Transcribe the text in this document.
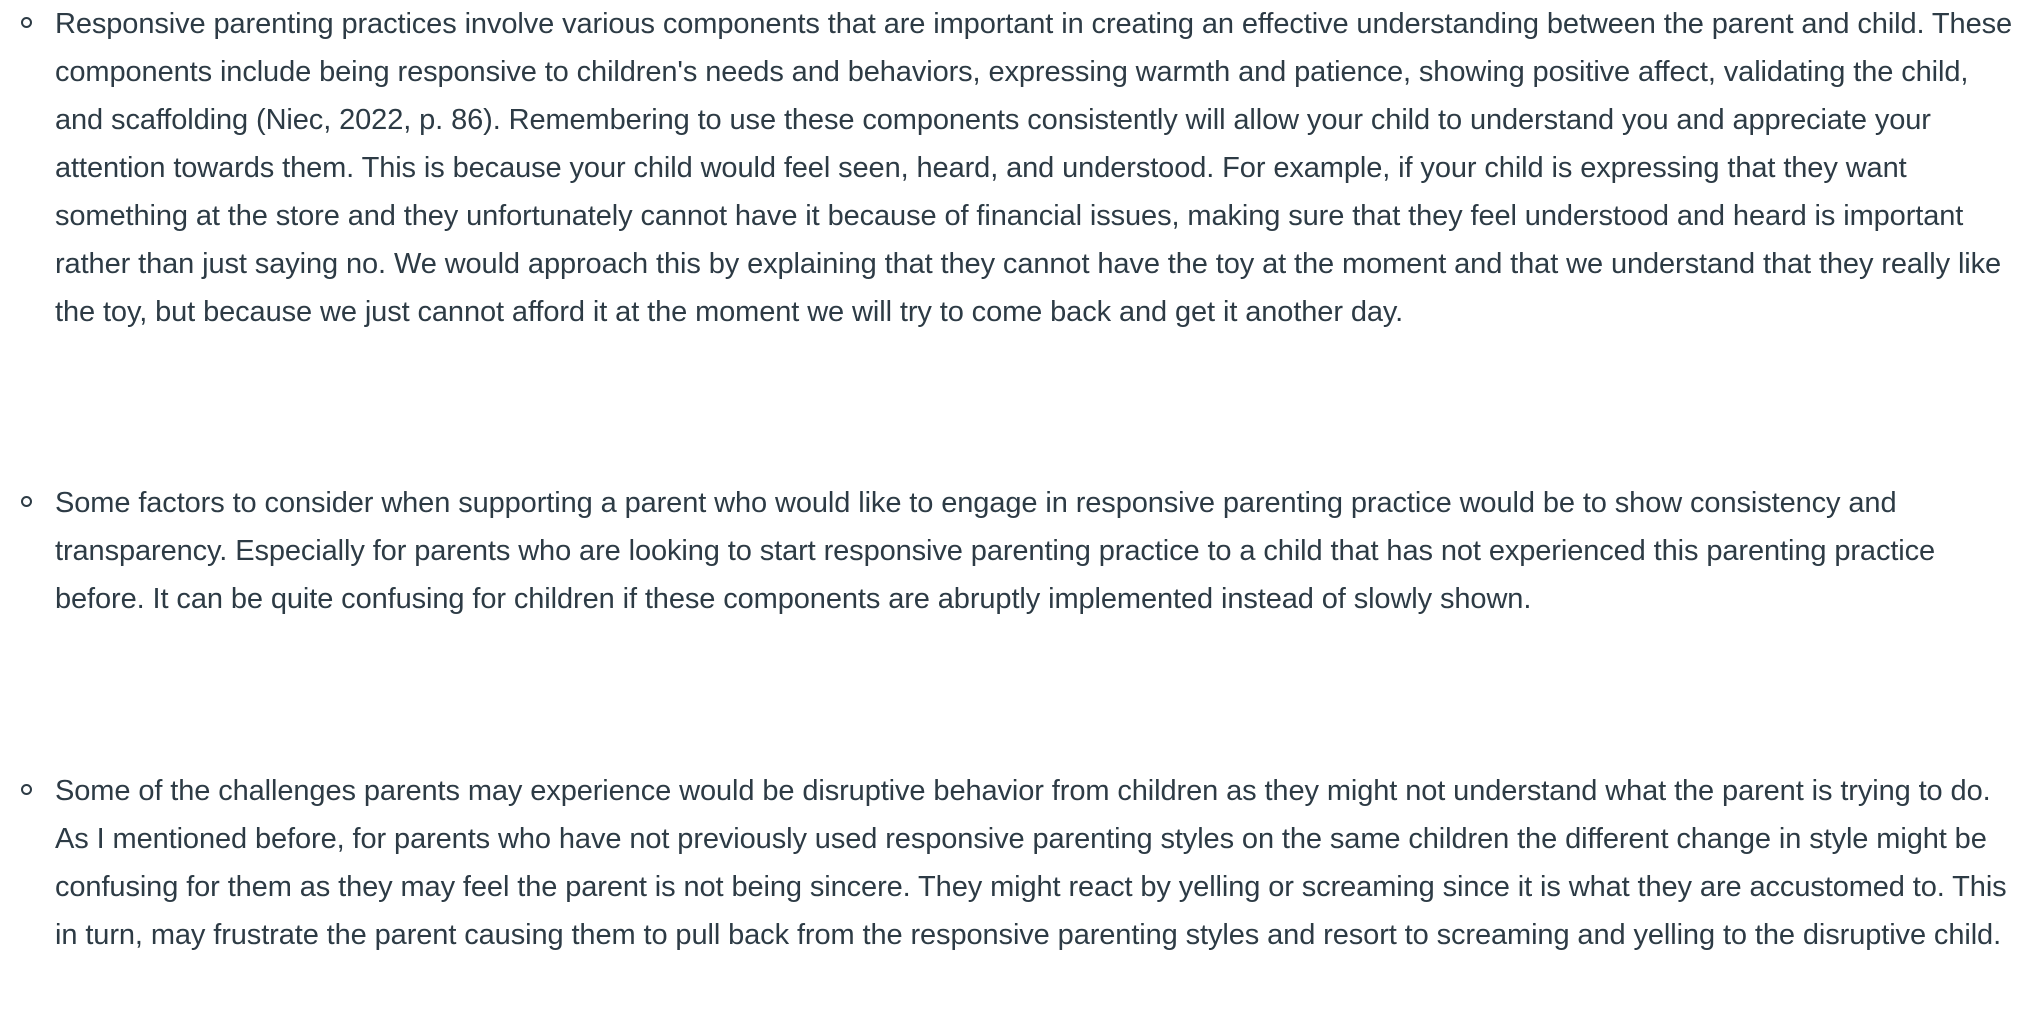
Responsive parenting practices involve various components that are important in creating an effective understanding between the parent and child. These components include being responsive to children's needs and behaviors, expressing warmth and patience, showing positive affect, validating the child, and scaffolding (Niec, 2022, p. 86). Remembering to use these components consistently will allow your child to understand you and appreciate your attention towards them. This is because your child would feel seen, heard, and understood. For example, if your child is expressing that they want something at the store and they unfortunately cannot have it because of financial issues, making sure that they feel understood and heard is important rather than just saying no. We would approach this by explaining that they cannot have the toy at the moment and that we understand that they really like the toy, but because we just cannot afford it at the moment we will try to come back and get it another day.

Some factors to consider when supporting a parent who would like to engage in responsive parenting practice would be to show consistency and transparency. Especially for parents who are looking to start responsive parenting practice to a child that has not experienced this parenting practice before. It can be quite confusing for children if these components are abruptly implemented instead of slowly shown.

Some of the challenges parents may experience would be disruptive behavior from children as they might not understand what the parent is trying to do. As I mentioned before, for parents who have not previously used responsive parenting styles on the same children the different change in style might be confusing for them as they may feel the parent is not being sincere. They might react by yelling or screaming since it is what they are accustomed to. This in turn, may frustrate the parent causing them to pull back from the responsive parenting styles and resort to screaming and yelling to the disruptive child.
